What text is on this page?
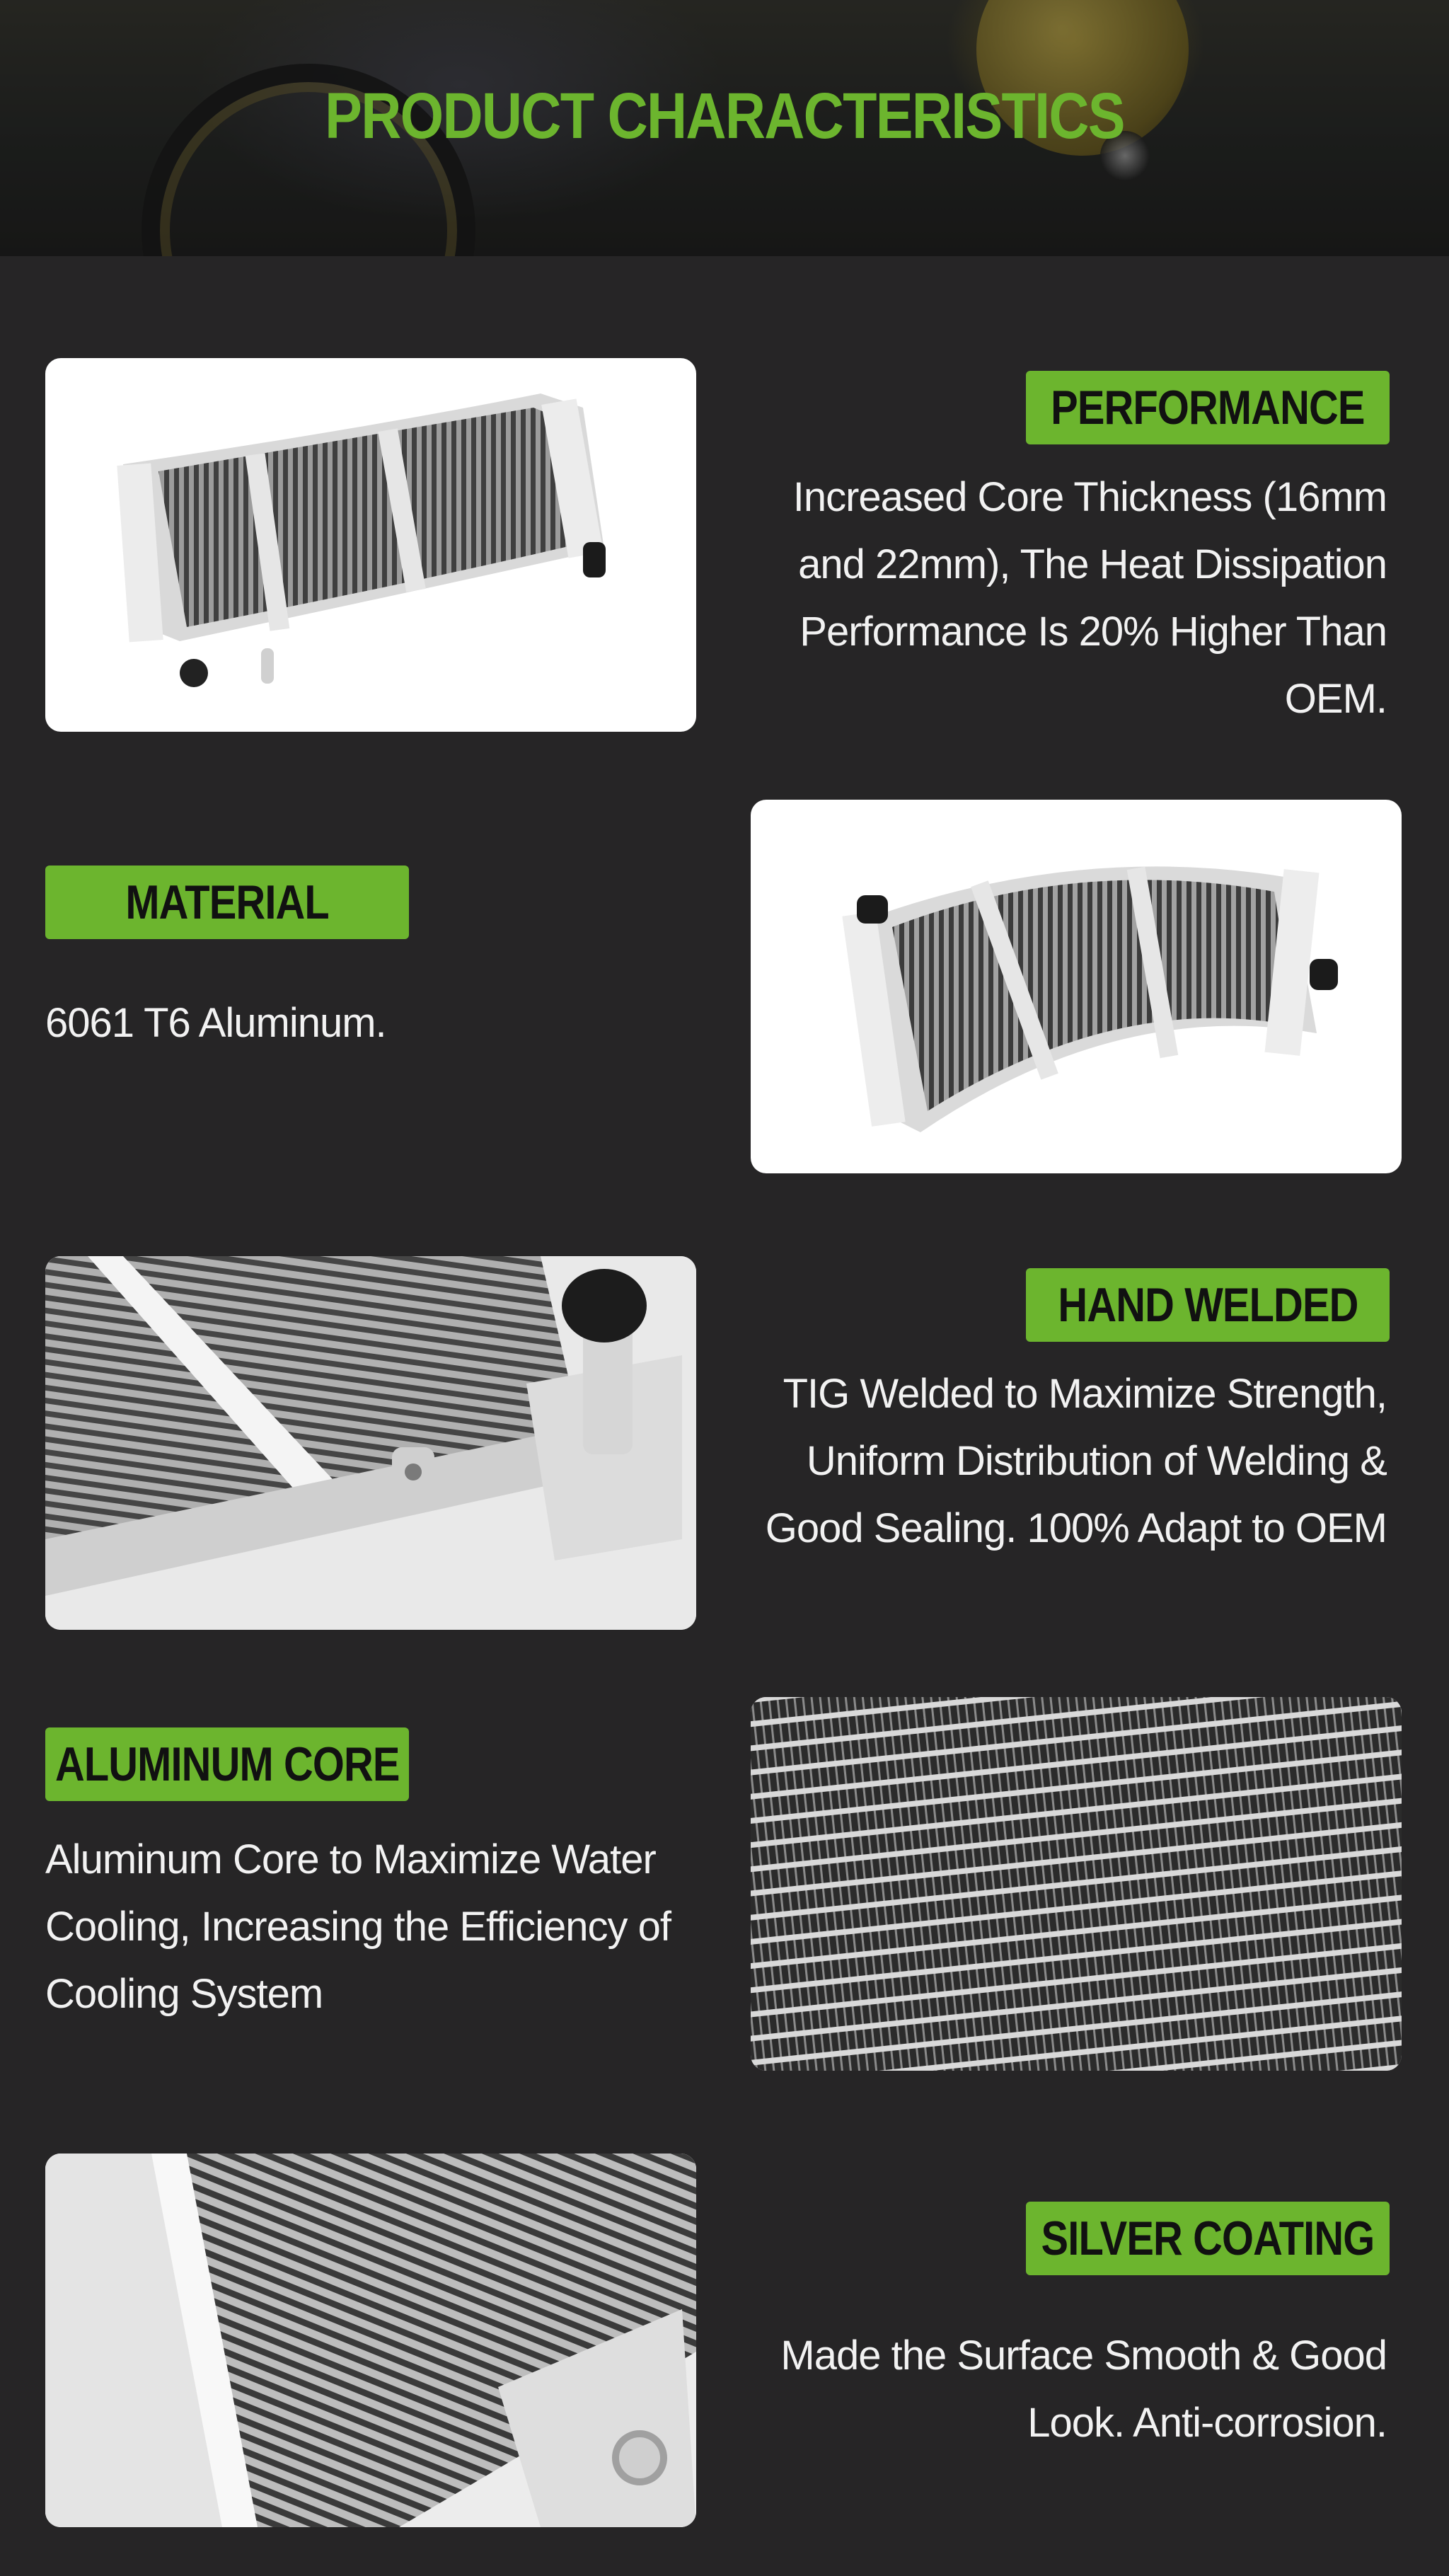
PRODUCT CHARACTERISTICS
PERFORMANCE
Increased Core Thickness (16mm and 22mm), The Heat Dissipation Performance Is 20% Higher Than OEM.
MATERIAL
6061 T6 Aluminum.
HAND WELDED
TIG Welded to Maximize Strength, Uniform Distribution of Welding & Good Sealing. 100% Adapt to OEM
ALUMINUM CORE
Aluminum Core to Maximize Water Cooling, Increasing the Efficiency of Cooling System
SILVER COATING
Made the Surface Smooth & Good Look. Anti-corrosion.
